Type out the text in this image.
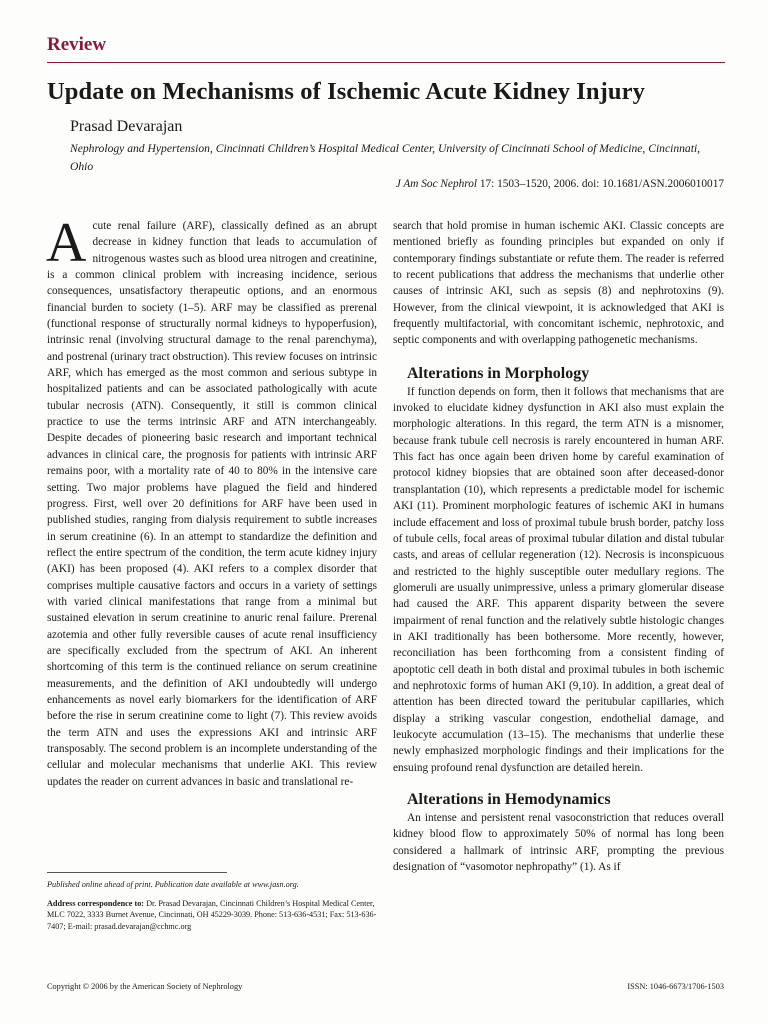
Review
Update on Mechanisms of Ischemic Acute Kidney Injury
Prasad Devarajan
Nephrology and Hypertension, Cincinnati Children’s Hospital Medical Center, University of Cincinnati School of Medicine, Cincinnati, Ohio
J Am Soc Nephrol 17: 1503–1520, 2006. doi: 10.1681/ASN.2006010017

Acute renal failure (ARF), classically defined as an abrupt decrease in kidney function that leads to accumulation of nitrogenous wastes such as blood urea nitrogen and creatinine, is a common clinical problem with increasing incidence, serious consequences, unsatisfactory therapeutic options, and an enormous financial burden to society (1–5). ARF may be classified as prerenal (functional response of structurally normal kidneys to hypoperfusion), intrinsic renal (involving structural damage to the renal parenchyma), and postrenal (urinary tract obstruction). This review focuses on intrinsic ARF, which has emerged as the most common and serious subtype in hospitalized patients and can be associated pathologically with acute tubular necrosis (ATN). Consequently, it still is common clinical practice to use the terms intrinsic ARF and ATN interchangeably. Despite decades of pioneering basic research and important technical advances in clinical care, the prognosis for patients with intrinsic ARF remains poor, with a mortality rate of 40 to 80% in the intensive care setting. Two major problems have plagued the field and hindered progress. First, well over 20 definitions for ARF have been used in published studies, ranging from dialysis requirement to subtle increases in serum creatinine (6). In an attempt to standardize the definition and reflect the entire spectrum of the condition, the term acute kidney injury (AKI) has been proposed (4). AKI refers to a complex disorder that comprises multiple causative factors and occurs in a variety of settings with varied clinical manifestations that range from a minimal but sustained elevation in serum creatinine to anuric renal failure. Prerenal azotemia and other fully reversible causes of acute renal insufficiency are specifically excluded from the spectrum of AKI. An inherent shortcoming of this term is the continued reliance on serum creatinine measurements, and the definition of AKI undoubtedly will undergo enhancements as novel early biomarkers for the identification of ARF before the rise in serum creatinine come to light (7). This review avoids the term ATN and uses the expressions AKI and intrinsic ARF transposably. The second problem is an incomplete understanding of the cellular and molecular mechanisms that underlie AKI. This review updates the reader on current advances in basic and translational re-

search that hold promise in human ischemic AKI. Classic concepts are mentioned briefly as founding principles but expanded on only if contemporary findings substantiate or refute them. The reader is referred to recent publications that address the mechanisms that underlie other causes of intrinsic AKI, such as sepsis (8) and nephrotoxins (9). However, from the clinical viewpoint, it is acknowledged that AKI is frequently multifactorial, with concomitant ischemic, nephrotoxic, and septic components and with overlapping pathogenetic mechanisms.

Alterations in Morphology

If function depends on form, then it follows that mechanisms that are invoked to elucidate kidney dysfunction in AKI also must explain the morphologic alterations. In this regard, the term ATN is a misnomer, because frank tubule cell necrosis is rarely encountered in human ARF. This fact has once again been driven home by careful examination of protocol kidney biopsies that are obtained soon after deceased-donor transplantation (10), which represents a predictable model for ischemic AKI (11). Prominent morphologic features of ischemic AKI in humans include effacement and loss of proximal tubule brush border, patchy loss of tubule cells, focal areas of proximal tubular dilation and distal tubular casts, and areas of cellular regeneration (12). Necrosis is inconspicuous and restricted to the highly susceptible outer medullary regions. The glomeruli are usually unimpressive, unless a primary glomerular disease had caused the ARF. This apparent disparity between the severe impairment of renal function and the relatively subtle histologic changes in AKI traditionally has been bothersome. More recently, however, reconciliation has been forthcoming from a consistent finding of apoptotic cell death in both distal and proximal tubules in both ischemic and nephrotoxic forms of human AKI (9,10). In addition, a great deal of attention has been directed toward the peritubular capillaries, which display a striking vascular congestion, endothelial damage, and leukocyte accumulation (13–15). The mechanisms that underlie these newly emphasized morphologic findings and their implications for the ensuing profound renal dysfunction are detailed herein.

Alterations in Hemodynamics

An intense and persistent renal vasoconstriction that reduces overall kidney blood flow to approximately 50% of normal has long been considered a hallmark of intrinsic ARF, prompting the previous designation of “vasomotor nephropathy” (1). As if

Published online ahead of print. Publication date available at www.jasn.org.
Address correspondence to: Dr. Prasad Devarajan, Cincinnati Children’s Hospital Medical Center, MLC 7022, 3333 Burnet Avenue, Cincinnati, OH 45229-3039. Phone: 513-636-4531; Fax: 513-636-7407; E-mail: prasad.devarajan@cchmc.org
Copyright © 2006 by the American Society of Nephrology	ISSN: 1046-6673/1706-1503
